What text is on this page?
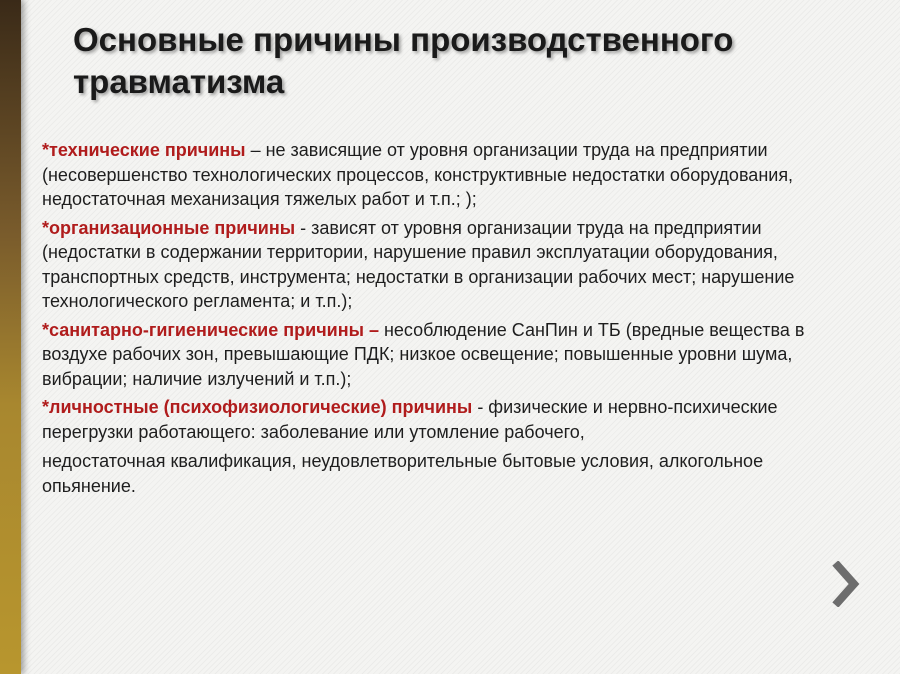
Основные причины производственного травматизма

*технические причины – не зависящие от уровня организации труда на предприятии (несовершенство технологических процессов, конструктивные недостатки оборудования, недостаточная механизация тяжелых работ и т.п.; );

*организационные причины - зависят от уровня организации труда на предприятии (недостатки в содержании территории, нарушение правил эксплуатации оборудования, транспортных средств, инструмента; недостатки в организации рабочих мест; нарушение технологического регламента; и т.п.);

*санитарно-гигиенические причины – несоблюдение СанПин и ТБ (вредные вещества в воздухе рабочих зон, превышающие ПДК; низкое освещение; повышенные уровни шума, вибрации; наличие излучений и т.п.);

*личностные (психофизиологические) причины - физические и нервно-психические перегрузки работающего: заболевание или утомление рабочего,
недостаточная квалификация, неудовлетворительные бытовые условия, алкогольное опьянение.
